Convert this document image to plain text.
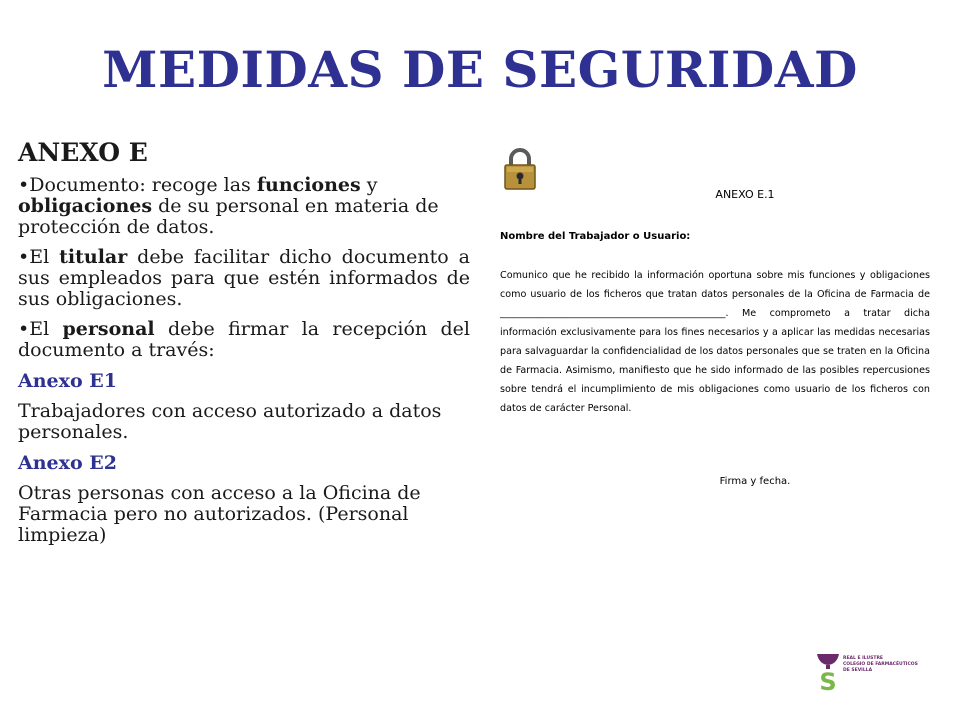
MEDIDAS DE SEGURIDAD
ANEXO E

•Documento: recoge las funciones y obligaciones de su personal en materia de protección de datos.

•El titular debe facilitar dicho documento a sus empleados para que estén informados de sus obligaciones.

•El personal debe firmar la recepción del documento a través:

Anexo E1

Trabajadores con acceso autorizado a datos personales.

Anexo E2

Otras personas con acceso a la Oficina de Farmacia pero no autorizados. (Personal limpieza)

ANEXO E.1
Nombre del Trabajador o Usuario:
Comunico que he recibido la información oportuna sobre mis funciones y obligaciones como usuario de los ficheros que tratan datos personales de la Oficina de Farmacia de _______________________________________________. Me comprometo a tratar dicha información exclusivamente para los fines necesarios y a aplicar las medidas necesarias para salvaguardar la confidencialidad de los datos personales que se traten en la Oficina de Farmacia. Asimismo, manifiesto que he sido informado de las posibles repercusiones sobre tendrá el incumplimiento de mis obligaciones como usuario de los ficheros con datos de carácter Personal.
Firma y fecha.
S
REAL E ILUSTRE
COLEGIO DE FARMACÉUTICOS
DE SEVILLA
